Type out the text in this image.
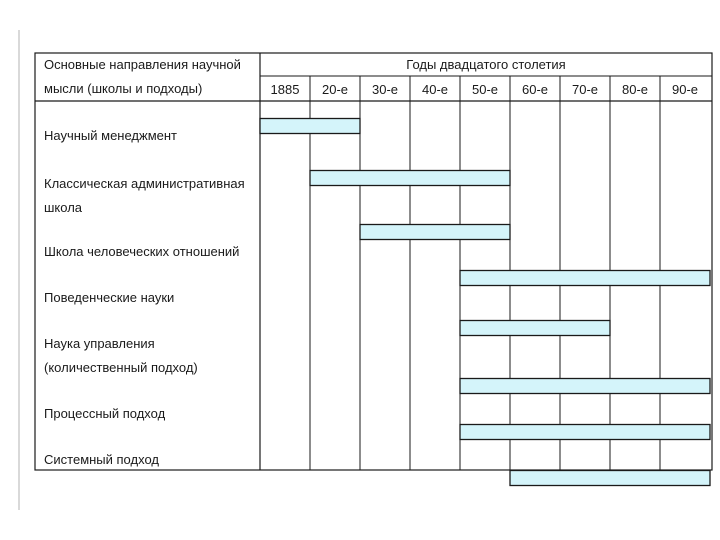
Годы двадцатого столетия
Основные направления научной
мысли (школы и подходы)	1885 20-е 30-е 40-е 50-е 60-е 70-е 80-е 90-е
Научный менеджмент
Классическая административная
школа
Школа человеческих отношений
Поведенческие науки
Наука управления
(количественный подход)
Процессный подход
Системный подход
